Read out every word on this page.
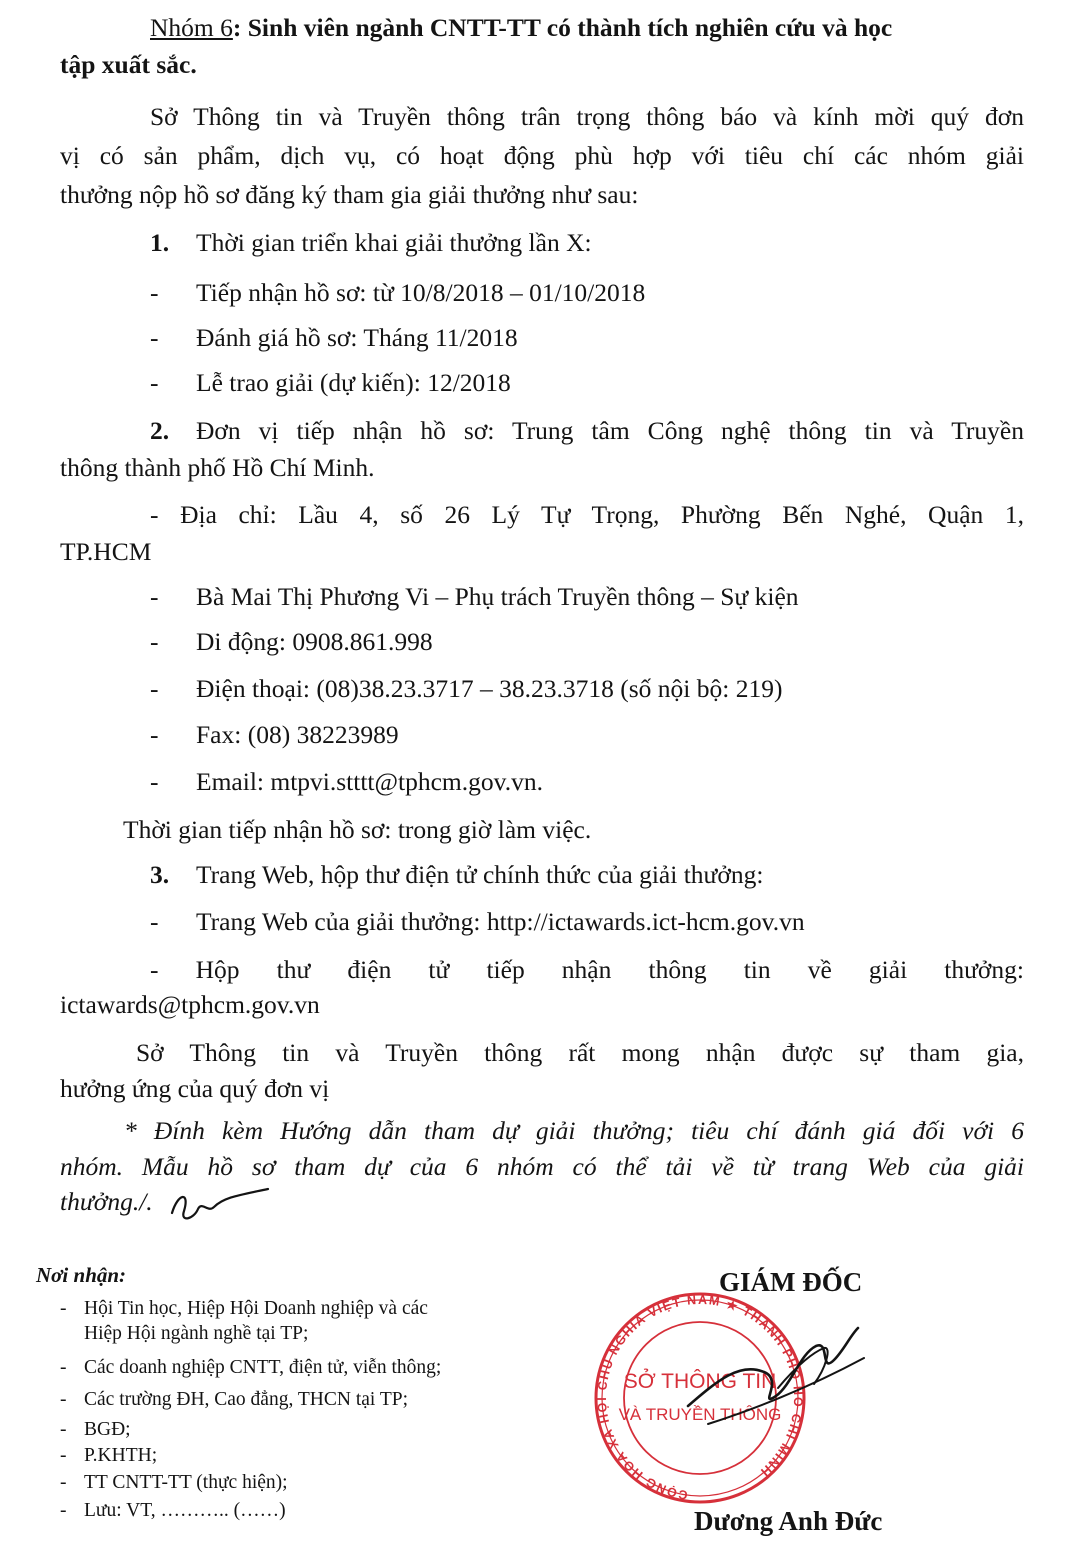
Nhóm 6: Sinh viên ngành CNTT-TT có thành tích nghiên cứu và học
tập xuất sắc.
Sở Thông tin và Truyền thông trân trọng thông báo và kính mời quý đơn
vị có sản phẩm, dịch vụ, có hoạt động phù hợp với tiêu chí các nhóm giải
thưởng nộp hồ sơ đăng ký tham gia giải thưởng như sau:
1. Thời gian triển khai giải thưởng lần X:
- Tiếp nhận hồ sơ: từ 10/8/2018 – 01/10/2018
- Đánh giá hồ sơ: Tháng 11/2018
- Lễ trao giải (dự kiến): 12/2018
2. Đơn vị tiếp nhận hồ sơ: Trung tâm Công nghệ thông tin và Truyền
thông thành phố Hồ Chí Minh.
- Địa chỉ: Lầu 4, số 26 Lý Tự Trọng, Phường Bến Nghé, Quận 1,
TP.HCM
- Bà Mai Thị Phương Vi – Phụ trách Truyền thông – Sự kiện
- Di động: 0908.861.998
- Điện thoại: (08)38.23.3717 – 38.23.3718 (số nội bộ: 219)
- Fax: (08) 38223989
- Email: mtpvi.stttt@tphcm.gov.vn.
Thời gian tiếp nhận hồ sơ: trong giờ làm việc.
3. Trang Web, hộp thư điện tử chính thức của giải thưởng:
- Trang Web của giải thưởng: http://ictawards.ict-hcm.gov.vn
- Hộp thư điện tử tiếp nhận thông tin về giải thưởng:
ictawards@tphcm.gov.vn
Sở Thông tin và Truyền thông rất mong nhận được sự tham gia,
hưởng ứng của quý đơn vị
* Đính kèm Hướng dẫn tham dự giải thưởng; tiêu chí đánh giá đối với 6
nhóm. Mẫu hồ sơ tham dự của 6 nhóm có thể tải về từ trang Web của giải
thưởng./.
Nơi nhận:
- Hội Tin học, Hiệp Hội Doanh nghiệp và các
Hiệp Hội ngành nghề tại TP;
- Các doanh nghiệp CNTT, điện tử, viễn thông;
- Các trường ĐH, Cao đẳng, THCN tại TP;
- BGĐ;
- P.KHTH;
- TT CNTT-TT (thực hiện);
- Lưu: VT, ……….. (……)
GIÁM ĐỐC
CỘNG HOÀ XÃ HỘI CHỦ NGHĨA VIỆT NAM ★ THÀNH PHỐ HỒ CHÍ MINH
SỞ THÔNG TIN
VÀ TRUYỀN THÔNG
Dương Anh Đức
